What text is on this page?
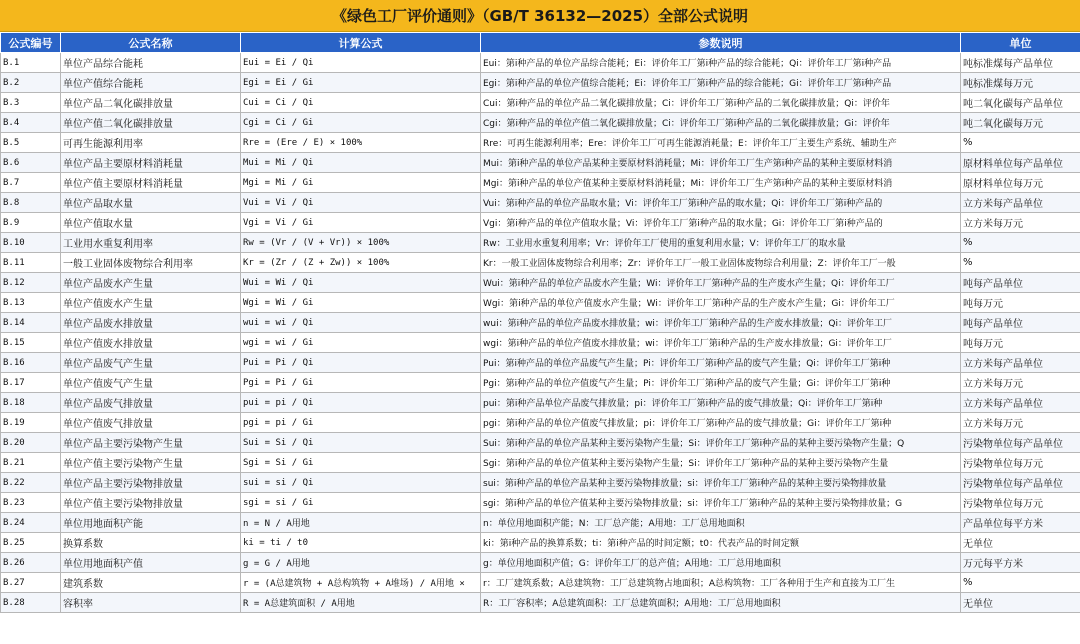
《绿色工厂评价通则》（GB/T 36132—2025）全部公式说明
公式编号	公式名称	计算公式	参数说明	单位
B.1	单位产品综合能耗	Eui = Ei / Qi	Eui：第i种产品的单位产品综合能耗；Ei：评价年工厂第i种产品的综合能耗；Qi：评价年工厂第i种产品	吨标准煤每产品单位
B.2	单位产值综合能耗	Egi = Ei / Gi	Egi：第i种产品的单位产值综合能耗；Ei：评价年工厂第i种产品的综合能耗；Gi：评价年工厂第i种产品	吨标准煤每万元
B.3	单位产品二氧化碳排放量	Cui = Ci / Qi	Cui：第i种产品的单位产品二氧化碳排放量；Ci：评价年工厂第i种产品的二氧化碳排放量；Qi：评价年	吨二氧化碳每产品单位
B.4	单位产值二氧化碳排放量	Cgi = Ci / Gi	Cgi：第i种产品的单位产值二氧化碳排放量；Ci：评价年工厂第i种产品的二氧化碳排放量；Gi：评价年	吨二氧化碳每万元
B.5	可再生能源利用率	Rre = (Ere / E) × 100%	Rre：可再生能源利用率；Ere：评价年工厂可再生能源消耗量；E：评价年工厂主要生产系统、辅助生产	%
B.6	单位产品主要原材料消耗量	Mui = Mi / Qi	Mui：第i种产品的单位产品某种主要原材料消耗量；Mi：评价年工厂生产第i种产品的某种主要原材料消	原材料单位每产品单位
B.7	单位产值主要原材料消耗量	Mgi = Mi / Gi	Mgi：第i种产品的单位产值某种主要原材料消耗量；Mi：评价年工厂生产第i种产品的某种主要原材料消	原材料单位每万元
B.8	单位产品取水量	Vui = Vi / Qi	Vui：第i种产品的单位产品取水量；Vi：评价年工厂第i种产品的取水量；Qi：评价年工厂第i种产品的	立方米每产品单位
B.9	单位产值取水量	Vgi = Vi / Gi	Vgi：第i种产品的单位产值取水量；Vi：评价年工厂第i种产品的取水量；Gi：评价年工厂第i种产品的	立方米每万元
B.10	工业用水重复利用率	Rw = (Vr / (V + Vr)) × 100%	Rw：工业用水重复利用率；Vr：评价年工厂使用的重复利用水量；V：评价年工厂的取水量	%
B.11	一般工业固体废物综合利用率	Kr = (Zr / (Z + Zw)) × 100%	Kr：一般工业固体废物综合利用率；Zr：评价年工厂一般工业固体废物综合利用量；Z：评价年工厂一般	%
B.12	单位产品废水产生量	Wui = Wi / Qi	Wui：第i种产品的单位产品废水产生量；Wi：评价年工厂第i种产品的生产废水产生量；Qi：评价年工厂	吨每产品单位
B.13	单位产值废水产生量	Wgi = Wi / Gi	Wgi：第i种产品的单位产值废水产生量；Wi：评价年工厂第i种产品的生产废水产生量；Gi：评价年工厂	吨每万元
B.14	单位产品废水排放量	wui = wi / Qi	wui：第i种产品的单位产品废水排放量；wi：评价年工厂第i种产品的生产废水排放量；Qi：评价年工厂	吨每产品单位
B.15	单位产值废水排放量	wgi = wi / Gi	wgi：第i种产品的单位产值废水排放量；wi：评价年工厂第i种产品的生产废水排放量；Gi：评价年工厂	吨每万元
B.16	单位产品废气产生量	Pui = Pi / Qi	Pui：第i种产品的单位产品废气产生量；Pi：评价年工厂第i种产品的废气产生量；Qi：评价年工厂第i种	立方米每产品单位
B.17	单位产值废气产生量	Pgi = Pi / Gi	Pgi：第i种产品的单位产值废气产生量；Pi：评价年工厂第i种产品的废气产生量；Gi：评价年工厂第i种	立方米每万元
B.18	单位产品废气排放量	pui = pi / Qi	pui：第i种产品单位产品废气排放量；pi：评价年工厂第i种产品的废气排放量；Qi：评价年工厂第i种	立方米每产品单位
B.19	单位产值废气排放量	pgi = pi / Gi	pgi：第i种产品的单位产值废气排放量；pi：评价年工厂第i种产品的废气排放量；Gi：评价年工厂第i种	立方米每万元
B.20	单位产品主要污染物产生量	Sui = Si / Qi	Sui：第i种产品的单位产品某种主要污染物产生量；Si：评价年工厂第i种产品的某种主要污染物产生量；Q	污染物单位每产品单位
B.21	单位产值主要污染物产生量	Sgi = Si / Gi	Sgi：第i种产品的单位产值某种主要污染物产生量；Si：评价年工厂第i种产品的某种主要污染物产生量	污染物单位每万元
B.22	单位产品主要污染物排放量	sui = si / Qi	sui：第i种产品的单位产品某种主要污染物排放量；si：评价年工厂第i种产品的某种主要污染物排放量	污染物单位每产品单位
B.23	单位产值主要污染物排放量	sgi = si / Gi	sgi：第i种产品的单位产值某种主要污染物排放量；si：评价年工厂第i种产品的某种主要污染物排放量；G	污染物单位每万元
B.24	单位用地面积产能	n = N / A用地	n：单位用地面积产能；N：工厂总产能；A用地：工厂总用地面积	产品单位每平方米
B.25	换算系数	ki = ti / t0	ki：第i种产品的换算系数；ti：第i种产品的时间定额；t0：代表产品的时间定额	无单位
B.26	单位用地面积产值	g = G / A用地	g：单位用地面积产值；G：评价年工厂的总产值；A用地：工厂总用地面积	万元每平方米
B.27	建筑系数	r = (A总建筑物 + A总构筑物 + A堆场) / A用地 ×	r：工厂建筑系数；A总建筑物：工厂总建筑物占地面积；A总构筑物：工厂各种用于生产和直接为工厂生	%
B.28	容积率	R = A总建筑面积 / A用地	R：工厂容积率；A总建筑面积：工厂总建筑面积；A用地：工厂总用地面积	无单位
